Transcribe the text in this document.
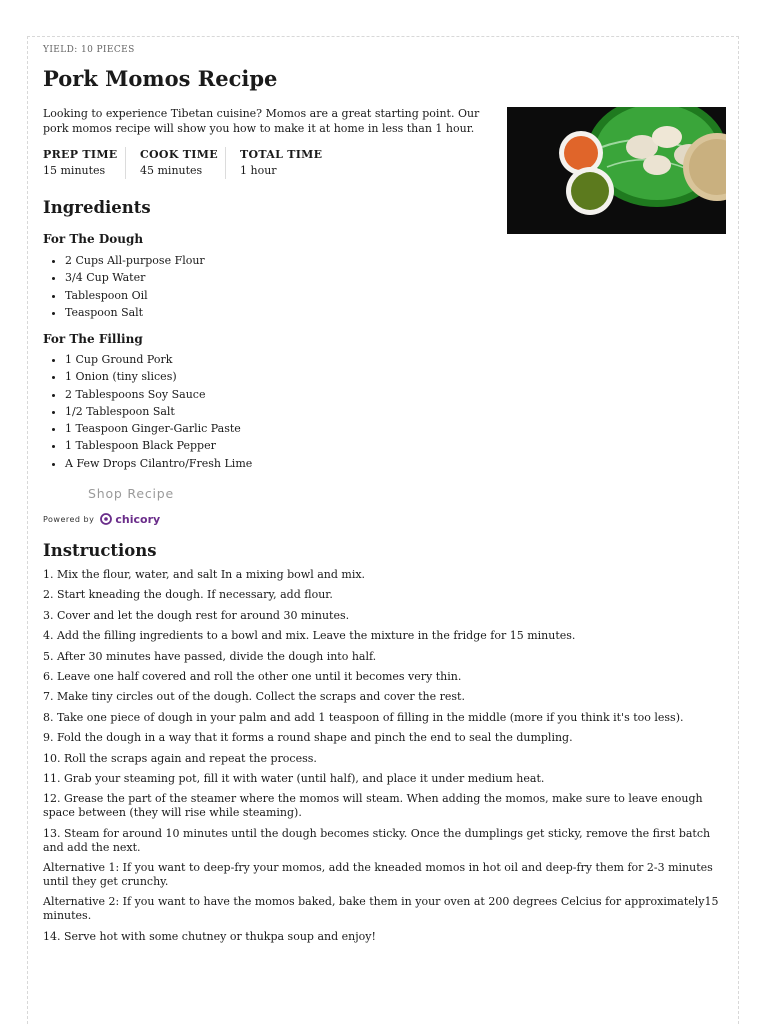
YIELD: 10 PIECES
Pork Momos Recipe

Looking to experience Tibetan cuisine? Momos are a great starting point. Our pork momos recipe will show you how to make it at home in less than 1 hour.

PREP TIME
15 minutes
COOK TIME
45 minutes
TOTAL TIME
1 hour
Ingredients
For The Dough
• 2 Cups All-purpose Flour
• 3/4 Cup Water
• Tablespoon Oil
• Teaspoon Salt
For The Filling
• 1 Cup Ground Pork
• 1 Onion (tiny slices)
• 2 Tablespoons Soy Sauce
• 1/2 Tablespoon Salt
• 1 Teaspoon Ginger-Garlic Paste
• 1 Tablespoon Black Pepper
• A Few Drops Cilantro/Fresh Lime
Shop Recipe
Powered by chicory
Instructions

1. Mix the flour, water, and salt In a mixing bowl and mix.

2. Start kneading the dough. If necessary, add flour.

3. Cover and let the dough rest for around 30 minutes.

4. Add the filling ingredients to a bowl and mix. Leave the mixture in the fridge for 15 minutes.

5. After 30 minutes have passed, divide the dough into half.

6. Leave one half covered and roll the other one until it becomes very thin.

7. Make tiny circles out of the dough. Collect the scraps and cover the rest.

8. Take one piece of dough in your palm and add 1 teaspoon of filling in the middle (more if you think it's too less).

9. Fold the dough in a way that it forms a round shape and pinch the end to seal the dumpling.

10. Roll the scraps again and repeat the process.

11. Grab your steaming pot, fill it with water (until half), and place it under medium heat.

12. Grease the part of the steamer where the momos will steam. When adding the momos, make sure to leave enough space between (they will rise while steaming).

13. Steam for around 10 minutes until the dough becomes sticky. Once the dumplings get sticky, remove the first batch and add the next.

Alternative 1: If you want to deep-fry your momos, add the kneaded momos in hot oil and deep-fry them for 2-3 minutes until they get crunchy.

Alternative 2: If you want to have the momos baked, bake them in your oven at 200 degrees Celcius for approximately15 minutes.

14. Serve hot with some chutney or thukpa soup and enjoy!
